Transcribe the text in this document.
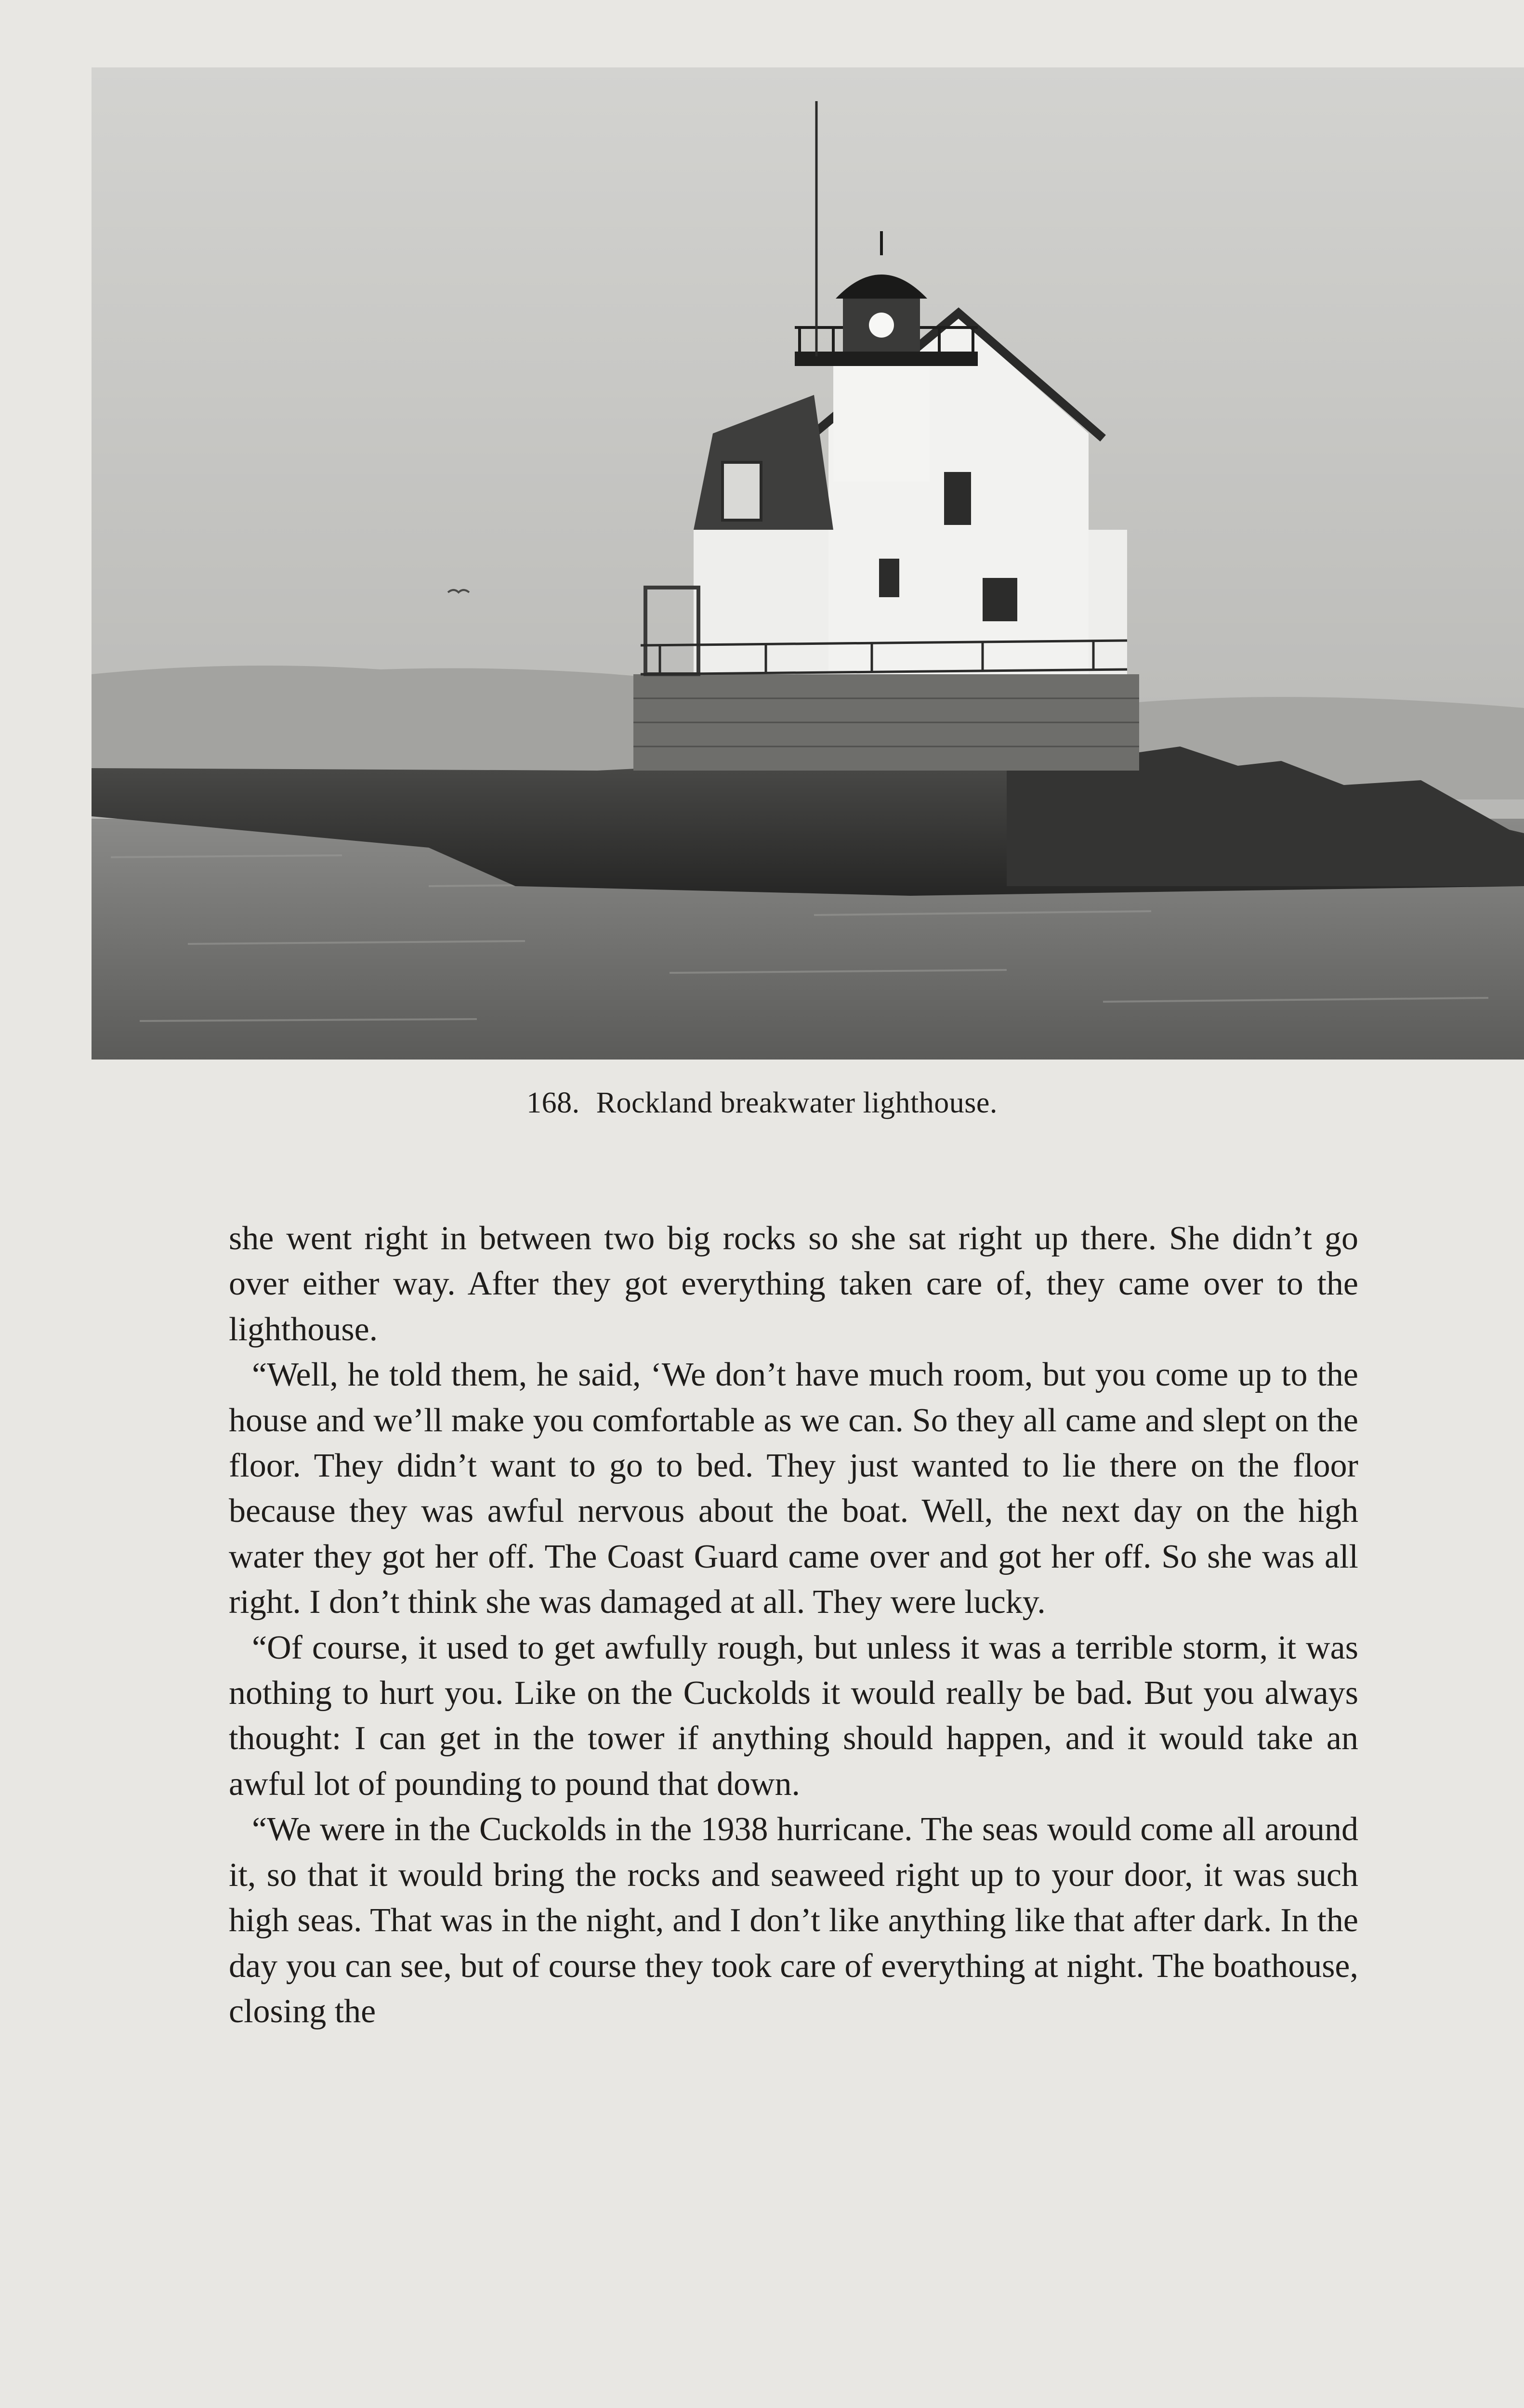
168. Rockland breakwater lighthouse.

she went right in between two big rocks so she sat right up there. She didn’t go over either way. After they got everything taken care of, they came over to the lighthouse.

“Well, he told them, he said, ‘We don’t have much room, but you come up to the house and we’ll make you comfortable as we can. So they all came and slept on the floor. They didn’t want to go to bed. They just wanted to lie there on the floor because they was awful nervous about the boat. Well, the next day on the high water they got her off. The Coast Guard came over and got her off. So she was all right. I don’t think she was damaged at all. They were lucky.

“Of course, it used to get awfully rough, but unless it was a terrible storm, it was nothing to hurt you. Like on the Cuckolds it would really be bad. But you always thought: I can get in the tower if anything should happen, and it would take an awful lot of pounding to pound that down.

“We were in the Cuckolds in the 1938 hurricane. The seas would come all around it, so that it would bring the rocks and seaweed right up to your door, it was such high seas. That was in the night, and I don’t like anything like that after dark. In the day you can see, but of course they took care of everything at night. The boathouse, closing the
